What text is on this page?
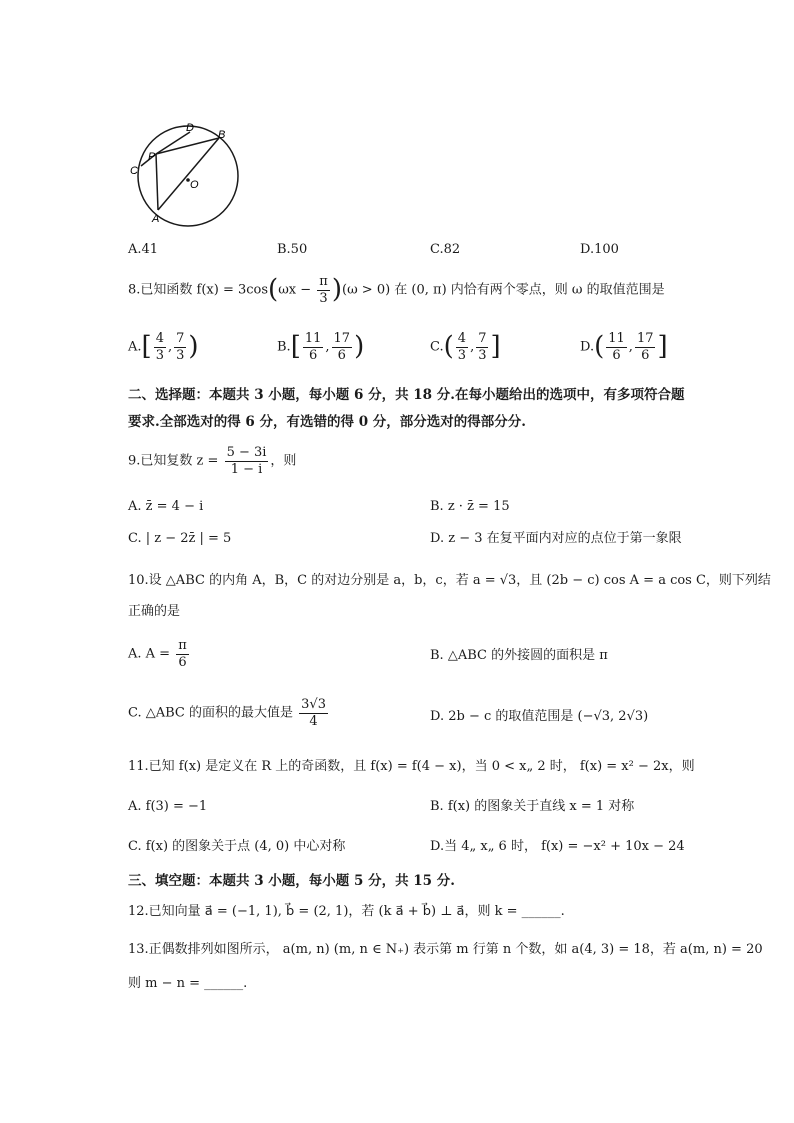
D
B
P
C
O
A
A.41	B.50	C.82	D.100
8.已知函数 $f(x) = 3\cos(\omega x - \frac{\pi}{3} )(\omega > 0)$ 在 (0, π) 内恰有两个零点，则 ω 的取值范围是
$A.[ \frac{4}{3}$ , $\frac{7}{3}$ )	$B.[ \frac{11}{6}$ , $\frac{17}{6}$ )	$C.( \frac{4}{3}$ , $\frac{7}{3}$ ]	$D.( \frac{11}{6}$ , $\frac{17}{6}$ ]
二、选择题：本题共 3 小题，每小题 6 分，共 18 分.在每小题给出的选项中，有多项符合题
要求.全部选对的得 6 分，有选错的得 0 分，部分选对的得部分分.
9.已知复数 $z = \frac{5 - 3i}{1 - i}$ ，则
A. z̄ = 4 − i	B. z · z̄ = 15
C. | z − 2z̄ | = 5	D. z − 3 在复平面内对应的点位于第一象限
10.设 △ABC 的内角 A，B，C 的对边分别是 a，b，c，若 a = √3，且 (2b − c) cos A = a cos C，则下列结
正确的是
A. $A = \frac{\pi}{6}$	B. △ABC 的外接圆的面积是 π
C. △ABC 的面积的最大值是 $\frac{3√3}{4}$	D. 2b − c 的取值范围是 (−√3, 2√3)
11.已知 f(x) 是定义在 R 上的奇函数，且 f(x) = f(4 − x)，当 0 < x„ 2 时， f(x) = x² − 2x，则
A. f(3) = −1	B. f(x) 的图象关于直线 x = 1 对称
C. f(x) 的图象关于点 (4, 0) 中心对称	D.当 4„ x„ 6 时， f(x) = −x² + 10x − 24
三、填空题：本题共 3 小题，每小题 5 分，共 15 分.
12.已知向量 a⃗ = (−1, 1), b⃗ = (2, 1)，若 (k a⃗ + b⃗) ⊥ a⃗，则 k = ______.
13.正偶数排列如图所示， a(m, n) (m, n ∈ N₊) 表示第 m 行第 n 个数，如 a(4, 3) = 18，若 a(m, n) = 20
则 m − n = ______.
